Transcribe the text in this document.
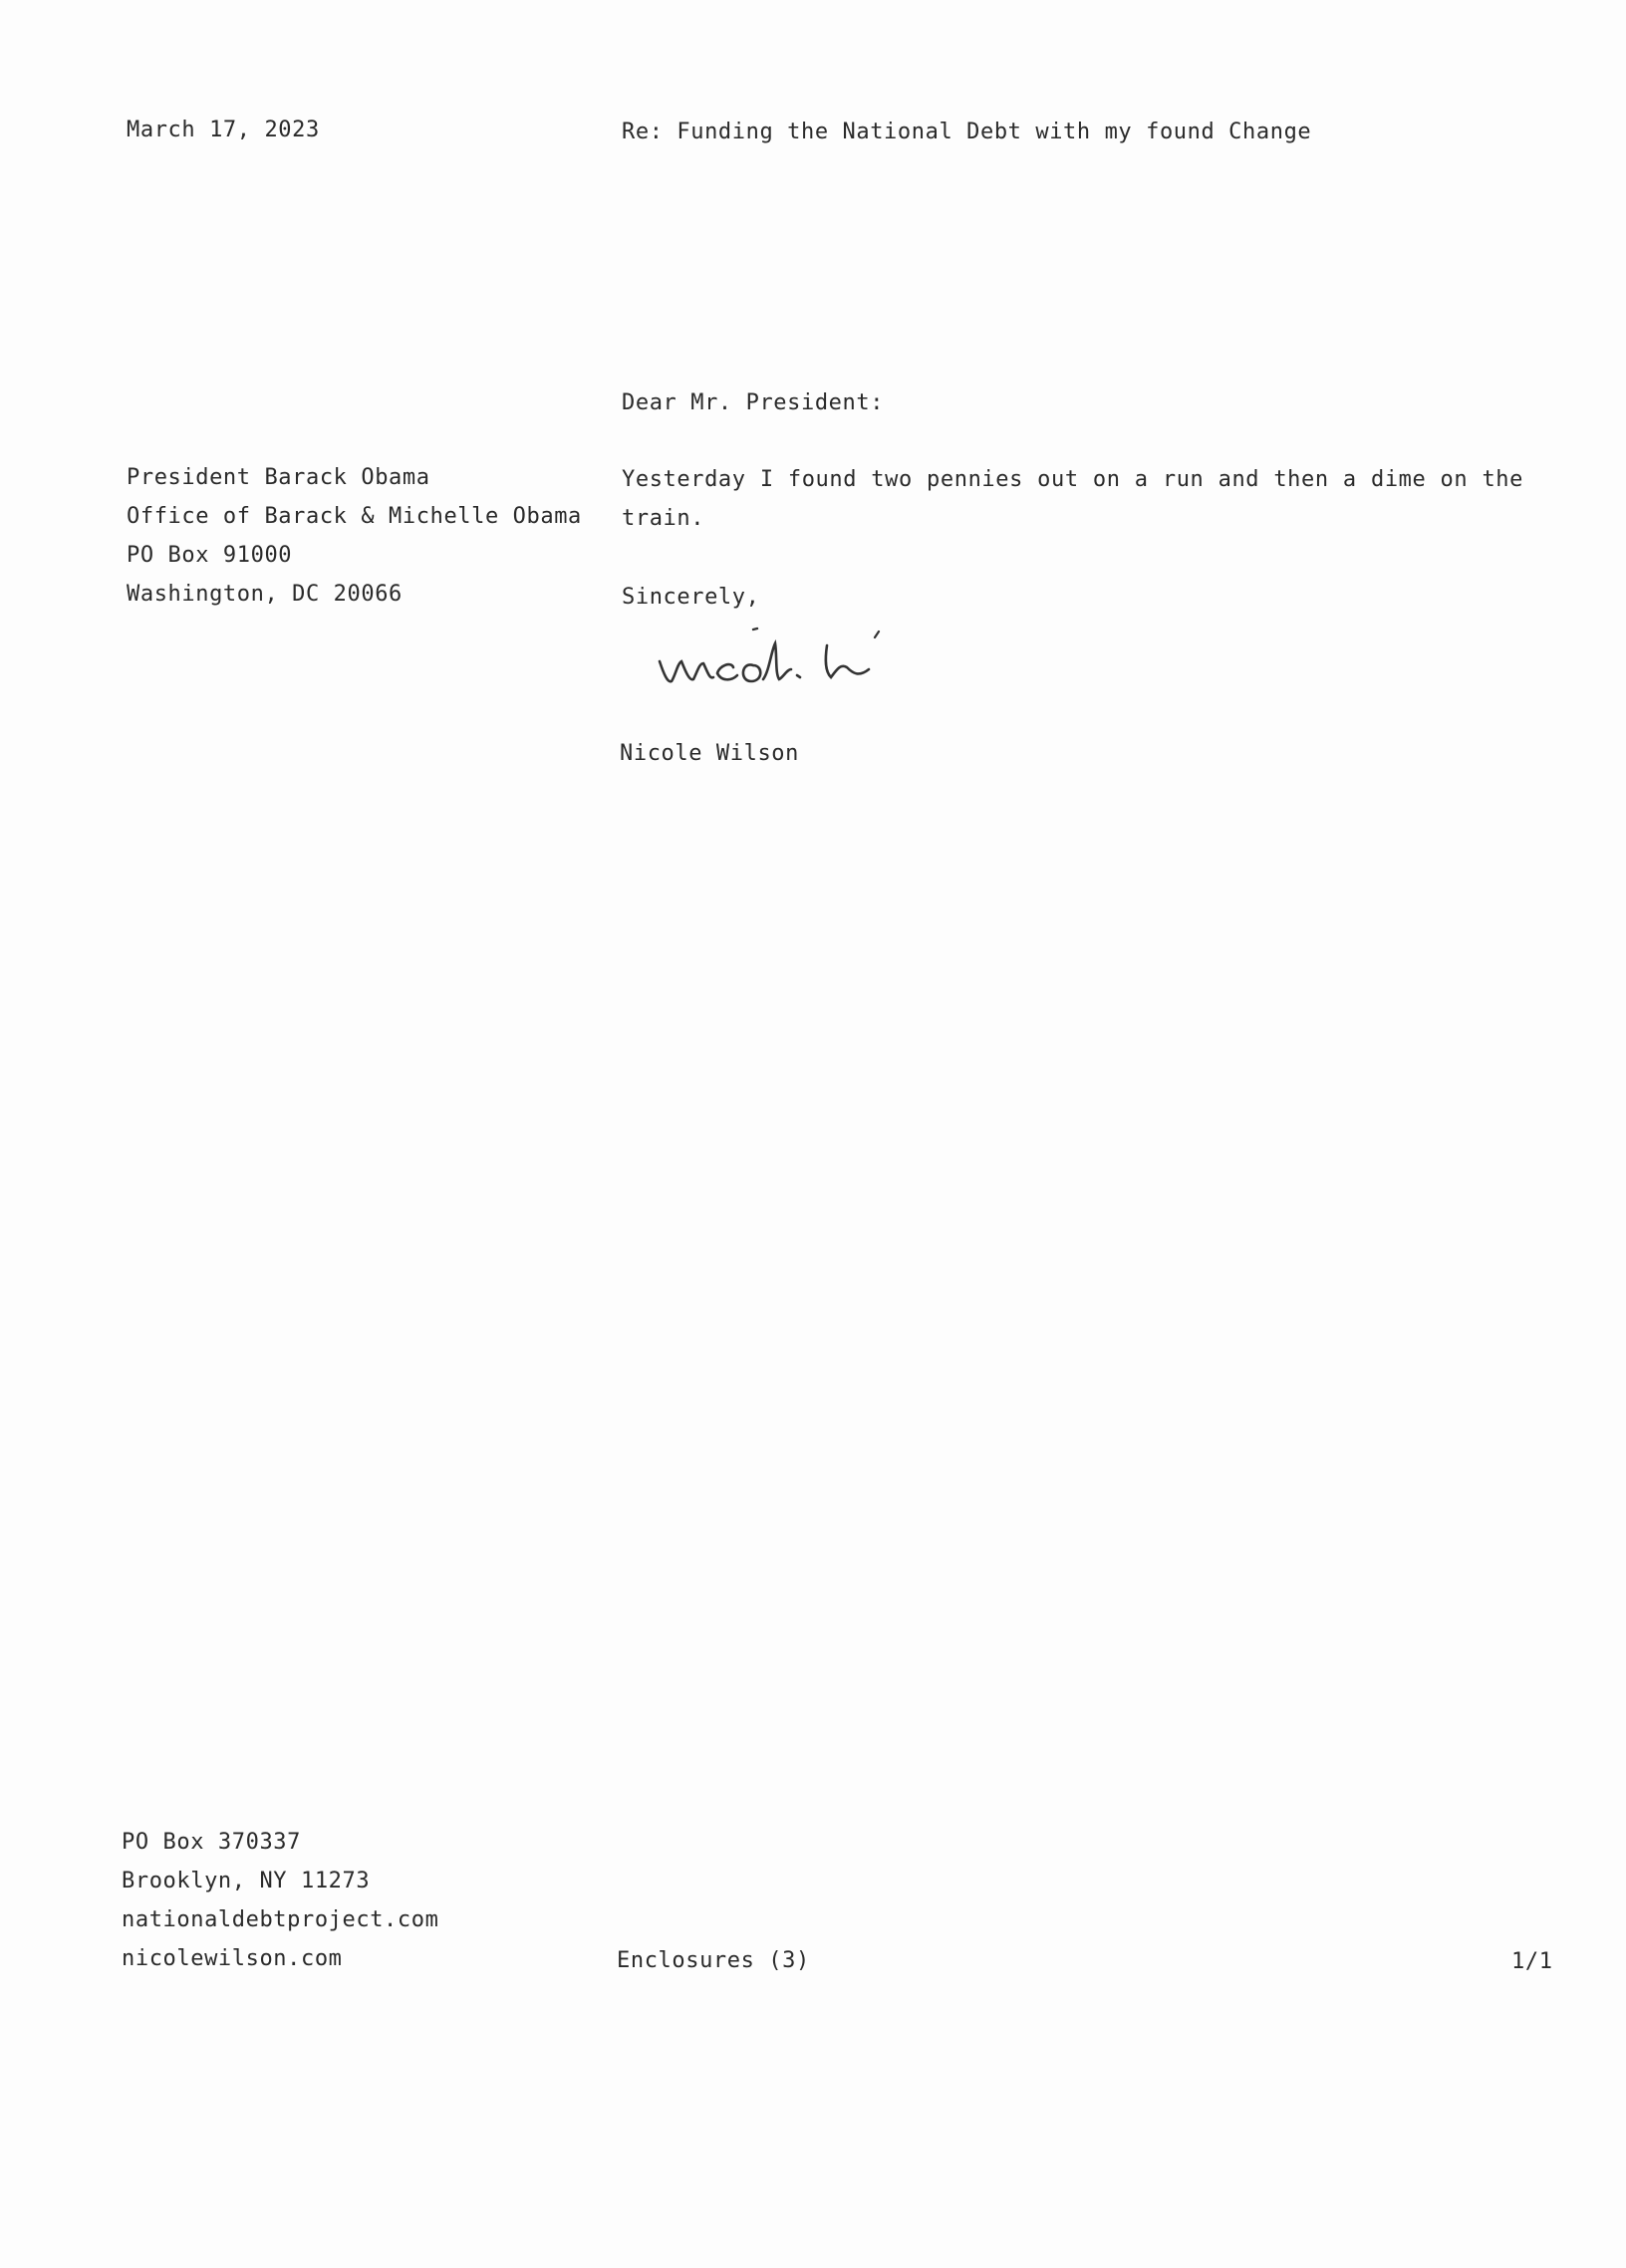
March 17, 2023	Re: Funding the National Debt with my found Change
Dear Mr. President:
President Barack Obama
Office of Barack & Michelle Obama
PO Box 91000
Washington, DC 20066
Yesterday I found two pennies out on a run and then a dime on the train.
Sincerely,
Nicole Wilson
PO Box 370337
Brooklyn, NY 11273
nationaldebtproject.com
nicolewilson.com	Enclosures (3)	1/1
